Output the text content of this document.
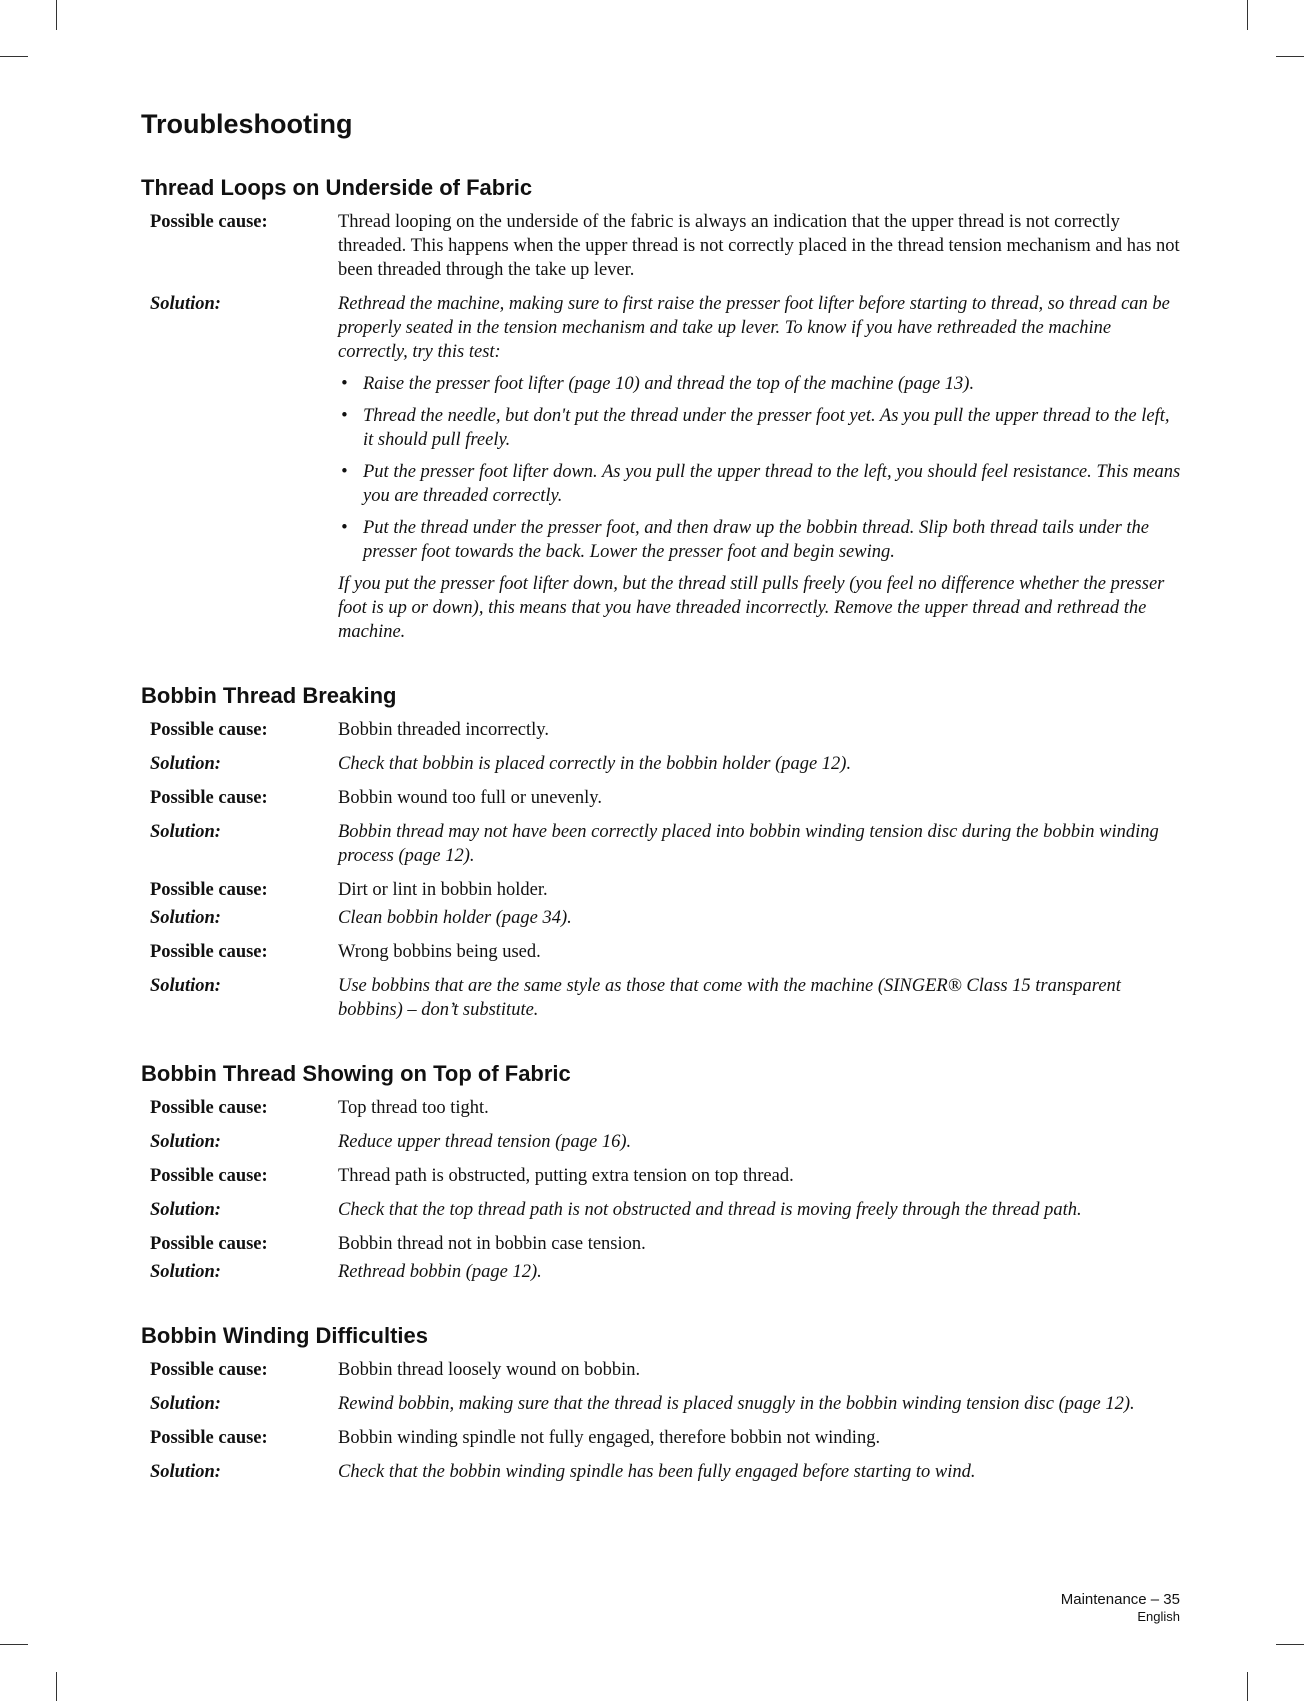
Troubleshooting
Thread Loops on Underside of Fabric
Possible cause:	Thread looping on the underside of the fabric is always an indication that the upper thread is not correctly threaded. This happens when the upper thread is not correctly placed in the thread tension mechanism and has not been threaded through the take up lever.
Solution:	Rethread the machine, making sure to first raise the presser foot lifter before starting to thread, so thread can be properly seated in the tension mechanism and take up lever. To know if you have rethreaded the machine correctly, try this test:
• Raise the presser foot lifter (page 10) and thread the top of the machine (page 13).
• Thread the needle, but don't put the thread under the presser foot yet. As you pull the upper thread to the left, it should pull freely.
• Put the presser foot lifter down. As you pull the upper thread to the left, you should feel resistance. This means you are threaded correctly.
• Put the thread under the presser foot, and then draw up the bobbin thread. Slip both thread tails under the presser foot towards the back. Lower the presser foot and begin sewing.

If you put the presser foot lifter down, but the thread still pulls freely (you feel no difference whether the presser foot is up or down), this means that you have threaded incorrectly. Remove the upper thread and rethread the machine.

Bobbin Thread Breaking
Possible cause:	Bobbin threaded incorrectly.
Solution:	Check that bobbin is placed correctly in the bobbin holder (page 12).
Possible cause:	Bobbin wound too full or unevenly.
Solution:	Bobbin thread may not have been correctly placed into bobbin winding tension disc during the bobbin winding process (page 12).
Possible cause:	Dirt or lint in bobbin holder.
Solution:	Clean bobbin holder (page 34).
Possible cause:	Wrong bobbins being used.
Solution:	Use bobbins that are the same style as those that come with the machine (SINGER® Class 15 transparent bobbins) – don’t substitute.
Bobbin Thread Showing on Top of Fabric
Possible cause:	Top thread too tight.
Solution:	Reduce upper thread tension (page 16).
Possible cause:	Thread path is obstructed, putting extra tension on top thread.
Solution:	Check that the top thread path is not obstructed and thread is moving freely through the thread path.
Possible cause:	Bobbin thread not in bobbin case tension.
Solution:	Rethread bobbin (page 12).
Bobbin Winding Difficulties
Possible cause:	Bobbin thread loosely wound on bobbin.
Solution:	Rewind bobbin, making sure that the thread is placed snuggly in the bobbin winding tension disc (page 12).
Possible cause:	Bobbin winding spindle not fully engaged, therefore bobbin not winding.
Solution:	Check that the bobbin winding spindle has been fully engaged before starting to wind.
Maintenance – 35
English
